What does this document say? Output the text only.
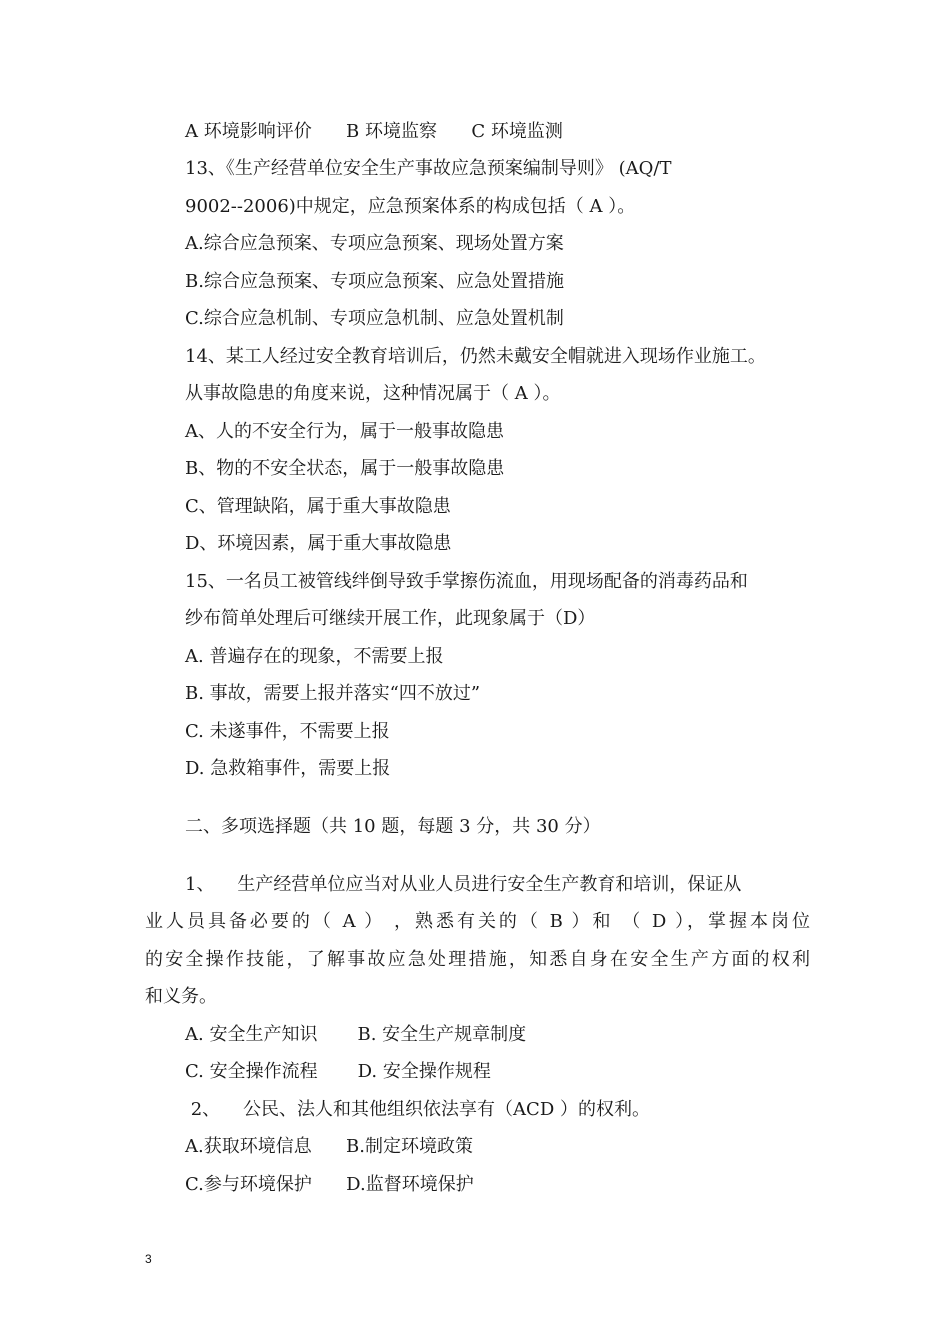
A 环境影响评价      B 环境监察      C 环境监测
13、《生产经营单位安全生产事故应急预案编制导则》 (AQ/T
9002--2006)中规定，应急预案体系的构成包括（ A ）。
A.综合应急预案、专项应急预案、现场处置方案
B.综合应急预案、专项应急预案、应急处置措施
C.综合应急机制、专项应急机制、应急处置机制
14、某工人经过安全教育培训后，仍然未戴安全帽就进入现场作业施工。
从事故隐患的角度来说，这种情况属于（ A ）。
A、人的不安全行为，属于一般事故隐患
B、物的不安全状态，属于一般事故隐患
C、管理缺陷，属于重大事故隐患
D、环境因素，属于重大事故隐患
15、一名员工被管线绊倒导致手掌擦伤流血，用现场配备的消毒药品和
纱布简单处理后可继续开展工作，此现象属于（D）
A. 普遍存在的现象，不需要上报
B. 事故，需要上报并落实“四不放过”
C. 未遂事件，不需要上报
D. 急救箱事件，需要上报
二、多项选择题（共 10 题，每题 3 分，共 30 分）
1、    生产经营单位应当对从业人员进行安全生产教育和培训，保证从
业人员具备必要的（ A ） ，熟悉有关的（ B ）和 （ D ），掌握本岗位
的安全操作技能，了解事故应急处理措施，知悉自身在安全生产方面的权利
和义务。
A. 安全生产知识       B. 安全生产规章制度
C. 安全操作流程       D. 安全操作规程
2、    公民、法人和其他组织依法享有（ACD ）的权利。
A.获取环境信息      B.制定环境政策
C.参与环境保护      D.监督环境保护
3
